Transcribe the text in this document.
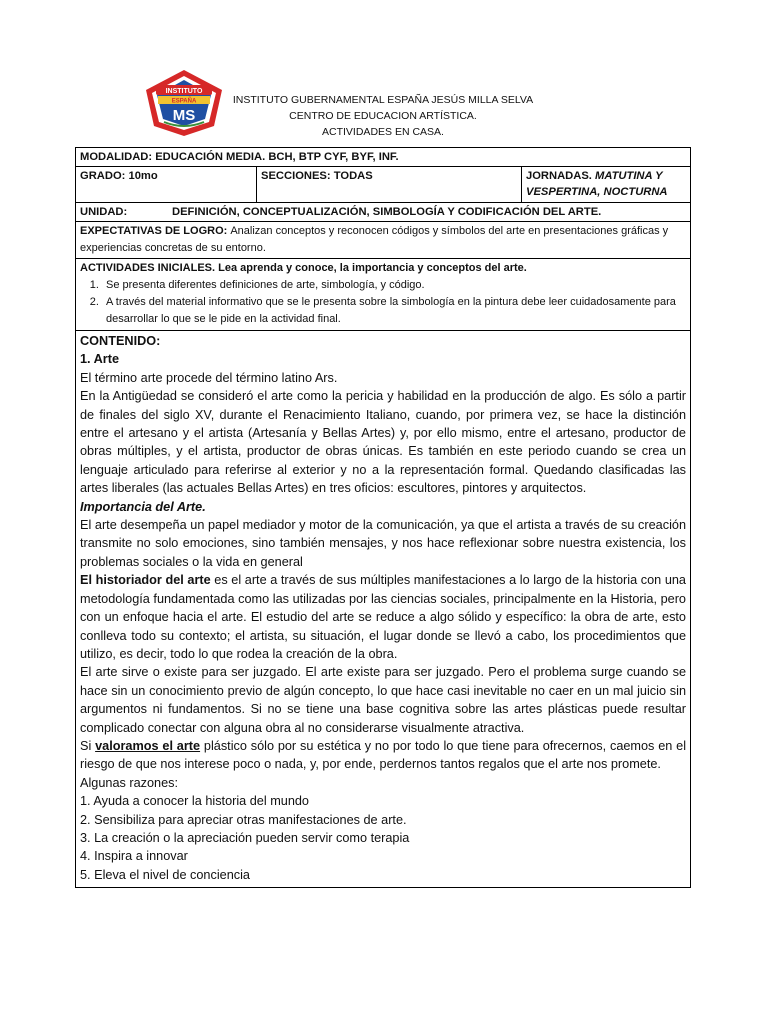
INSTITUTO
ESPAÑA
MS
INSTITUTO GUBERNAMENTAL ESPAÑA JESÚS MILLA SELVA
CENTRO DE EDUCACION ARTÍSTICA.
ACTIVIDADES EN CASA.
MODALIDAD: EDUCACIÓN MEDIA. BCH, BTP CYF, BYF, INF.
GRADO: 10mo	SECCIONES: TODAS	JORNADAS. MATUTINA Y VESPERTINA, NOCTURNA
UNIDAD:	DEFINICIÓN, CONCEPTUALIZACIÓN, SIMBOLOGÍA Y CODIFICACIÓN DEL ARTE.
EXPECTATIVAS DE LOGRO: Analizan conceptos y reconocen códigos y símbolos del arte en presentaciones gráficas y experiencias concretas de su entorno.
ACTIVIDADES INICIALES. Lea aprenda y conoce, la importancia y conceptos del arte.
1. Se presenta diferentes definiciones de arte, simbología, y código.
2. A través del material informativo que se le presenta sobre la simbología en la pintura debe leer cuidadosamente para desarrollar lo que se le pide en la actividad final.

CONTENIDO:

1. Arte

El término arte procede del término latino Ars.

En la Antigüedad se consideró el arte como la pericia y habilidad en la producción de algo. Es sólo a partir de finales del siglo XV, durante el Renacimiento Italiano, cuando, por primera vez, se hace la distinción entre el artesano y el artista (Artesanía y Bellas Artes) y, por ello mismo, entre el artesano, productor de obras múltiples, y el artista, productor de obras únicas. Es también en este periodo cuando se crea un lenguaje articulado para referirse al exterior y no a la representación formal. Quedando clasificadas las artes liberales (las actuales Bellas Artes) en tres oficios: escultores, pintores y arquitectos.

Importancia del Arte.

El arte desempeña un papel mediador y motor de la comunicación, ya que el artista a través de su creación transmite no solo emociones, sino también mensajes, y nos hace reflexionar sobre nuestra existencia, los problemas sociales o la vida en general

El historiador del arte es el arte a través de sus múltiples manifestaciones a lo largo de la historia con una metodología fundamentada como las utilizadas por las ciencias sociales, principalmente en la Historia, pero con un enfoque hacia el arte. El estudio del arte se reduce a algo sólido y específico: la obra de arte, esto conlleva todo su contexto; el artista, su situación, el lugar donde se llevó a cabo, los procedimientos que utilizo, es decir, todo lo que rodea la creación de la obra.

El arte sirve o existe para ser juzgado. El arte existe para ser juzgado. Pero el problema surge cuando se hace sin un conocimiento previo de algún concepto, lo que hace casi inevitable no caer en un mal juicio sin argumentos ni fundamentos. Si no se tiene una base cognitiva sobre las artes plásticas puede resultar complicado conectar con alguna obra al no considerarse visualmente atractiva.

Si valoramos el arte plástico sólo por su estética y no por todo lo que tiene para ofrecernos, caemos en el riesgo de que nos interese poco o nada, y, por ende, perdernos tantos regalos que el arte nos promete.

Algunas razones:

1. Ayuda a conocer la historia del mundo

2. Sensibiliza para apreciar otras manifestaciones de arte.

3. La creación o la apreciación pueden servir como terapia

4. Inspira a innovar

5. Eleva el nivel de conciencia
